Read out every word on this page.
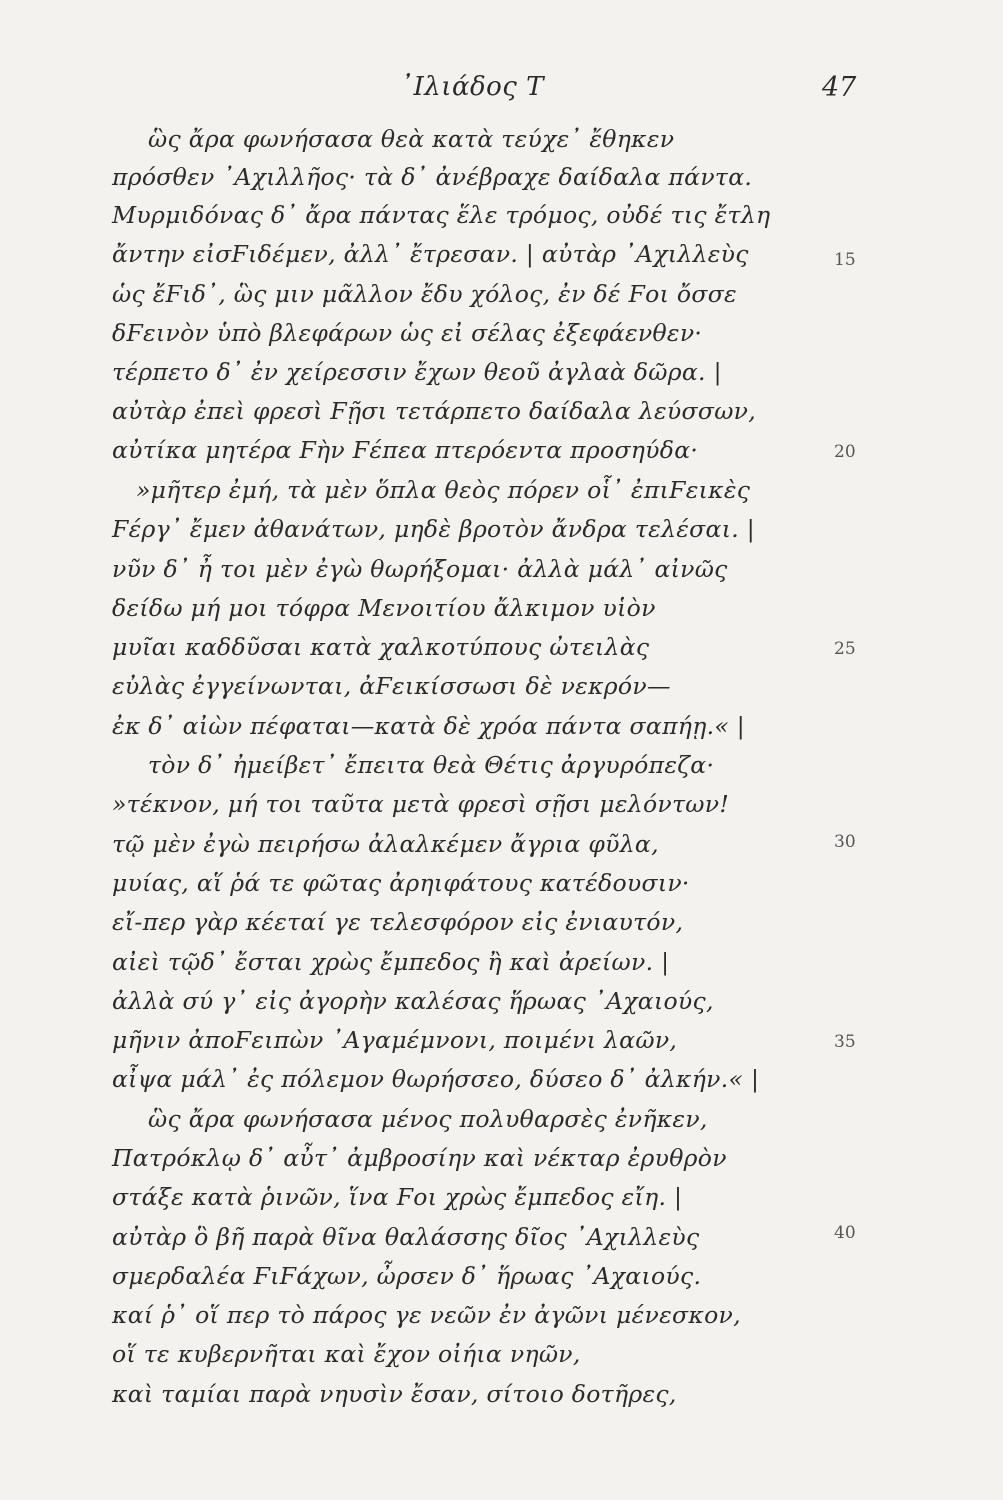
᾿Ιλιάδος Τ	47
ὣς ἄρα φωνήσασα θεὰ κατὰ τεύχε᾿ ἔθηκεν
πρόσθεν ᾿Αχιλλῆος· τὰ δ᾿ ἀνέβραχε δαίδαλα πάντα.
Μυρμιδόνας δ᾿ ἄρα πάντας ἕλε τρόμος, οὐδέ τις ἔτλη
ἄντην εἰσϜιδέμεν, ἀλλ᾿ ἔτρεσαν. | αὐτὰρ ᾿Αχιλλεὺς
ὡς ἔϜιδ᾿, ὣς μιν μᾶλλον ἔδυ χόλος, ἐν δέ Ϝοι ὄσσε
δϜεινὸν ὑπὸ βλεφάρων ὡς εἰ σέλας ἐξεφάενθεν·
τέρπετο δ᾿ ἐν χείρεσσιν ἔχων θεοῦ ἀγλαὰ δῶρα. |
αὐτὰρ ἐπεὶ φρεσὶ Ϝῇσι τετάρπετο δαίδαλα λεύσσων,
αὐτίκα μητέρα Ϝὴν Ϝέπεα πτερόεντα προσηύδα·
»μῆτερ ἐμή, τὰ μὲν ὅπλα θεὸς πόρεν οἷ᾿ ἐπιϜεικὲς
Ϝέργ᾿ ἔμεν ἀθανάτων, μηδὲ βροτὸν ἄνδρα τελέσαι. |
νῦν δ᾿ ἦ τοι μὲν ἐγὼ θωρήξομαι· ἀλλὰ μάλ᾿ αἰνῶς
δείδω μή μοι τόφρα Μενοιτίου ἄλκιμον υἱὸν
μυῖαι καδδῦσαι κατὰ χαλκοτύπους ὠτειλὰς
εὐλὰς ἐγγείνωνται, ἀϜεικίσσωσι δὲ νεκρόν—
ἐκ δ᾿ αἰὼν πέφαται—κατὰ δὲ χρόα πάντα σαπήῃ.« |
τὸν δ᾿ ἠμείβετ᾿ ἔπειτα θεὰ Θέτις ἀργυρόπεζα·
»τέκνον, μή τοι ταῦτα μετὰ φρεσὶ σῇσι μελόντων!
τῷ μὲν ἐγὼ πειρήσω ἀλαλκέμεν ἄγρια φῦλα,
μυίας, αἵ ῥά τε φῶτας ἀρηιφάτους κατέδουσιν·
εἴ-περ γὰρ κέεταί γε τελεσφόρον εἰς ἐνιαυτόν,
αἰεὶ τῷδ᾿ ἔσται χρὼς ἔμπεδος ἢ καὶ ἀρείων. |
ἀλλὰ σύ γ᾿ εἰς ἀγορὴν καλέσας ἥρωας ᾿Αχαιούς,
μῆνιν ἀποϜειπὼν ᾿Αγαμέμνονι, ποιμένι λαῶν,
αἶψα μάλ᾿ ἐς πόλεμον θωρήσσεο, δύσεο δ᾿ ἀλκήν.« |
ὣς ἄρα φωνήσασα μένος πολυθαρσὲς ἐνῆκεν,
Πατρόκλῳ δ᾿ αὖτ᾿ ἀμβροσίην καὶ νέκταρ ἐρυθρὸν
στάξε κατὰ ῥινῶν, ἵνα Ϝοι χρὼς ἔμπεδος εἴη. |
αὐτὰρ ὃ βῆ παρὰ θῖνα θαλάσσης δῖος ᾿Αχιλλεὺς
σμερδαλέα ϜιϜάχων, ὦρσεν δ᾿ ἥρωας ᾿Αχαιούς.
καί ῥ᾿ οἵ περ τὸ πάρος γε νεῶν ἐν ἀγῶνι μένεσκον,
οἵ τε κυβερνῆται καὶ ἔχον οἰήια νηῶν,
καὶ ταμίαι παρὰ νηυσὶν ἔσαν, σίτοιο δοτῆρες,
15
20
25
30
35
40
